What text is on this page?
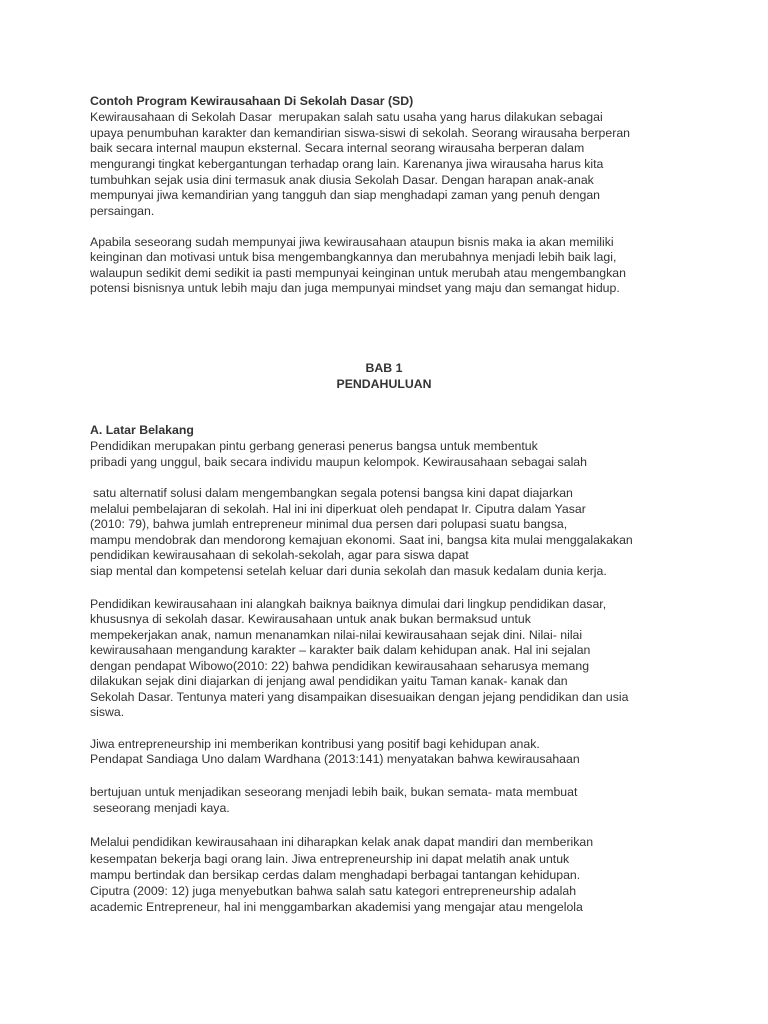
Contoh Program Kewirausahaan Di Sekolah Dasar (SD)
Kewirausahaan di Sekolah Dasar  merupakan salah satu usaha yang harus dilakukan sebagai
upaya penumbuhan karakter dan kemandirian siswa-siswi di sekolah. Seorang wirausaha berperan
baik secara internal maupun eksternal. Secara internal seorang wirausaha berperan dalam
mengurangi tingkat kebergantungan terhadap orang lain. Karenanya jiwa wirausaha harus kita
tumbuhkan sejak usia dini termasuk anak diusia Sekolah Dasar. Dengan harapan anak-anak
mempunyai jiwa kemandirian yang tangguh dan siap menghadapi zaman yang penuh dengan
persaingan.
Apabila seseorang sudah mempunyai jiwa kewirausahaan ataupun bisnis maka ia akan memiliki
keinginan dan motivasi untuk bisa mengembangkannya dan merubahnya menjadi lebih baik lagi,
walaupun sedikit demi sedikit ia pasti mempunyai keinginan untuk merubah atau mengembangkan
potensi bisnisnya untuk lebih maju dan juga mempunyai mindset yang maju dan semangat hidup.
BAB 1
PENDAHULUAN
A. Latar Belakang
Pendidikan merupakan pintu gerbang generasi penerus bangsa untuk membentuk
pribadi yang unggul, baik secara individu maupun kelompok. Kewirausahaan sebagai salah
satu alternatif solusi dalam mengembangkan segala potensi bangsa kini dapat diajarkan
melalui pembelajaran di sekolah. Hal ini ini diperkuat oleh pendapat Ir. Ciputra dalam Yasar
(2010: 79), bahwa jumlah entrepreneur minimal dua persen dari polupasi suatu bangsa,
mampu mendobrak dan mendorong kemajuan ekonomi. Saat ini, bangsa kita mulai menggalakakan
pendidikan kewirausahaan di sekolah-sekolah, agar para siswa dapat
siap mental dan kompetensi setelah keluar dari dunia sekolah dan masuk kedalam dunia kerja.
Pendidikan kewirausahaan ini alangkah baiknya baiknya dimulai dari lingkup pendidikan dasar,
khususnya di sekolah dasar. Kewirausahaan untuk anak bukan bermaksud untuk
mempekerjakan anak, namun menanamkan nilai-nilai kewirausahaan sejak dini. Nilai- nilai
kewirausahaan mengandung karakter – karakter baik dalam kehidupan anak. Hal ini sejalan
dengan pendapat Wibowo(2010: 22) bahwa pendidikan kewirausahaan seharusya memang
dilakukan sejak dini diajarkan di jenjang awal pendidikan yaitu Taman kanak- kanak dan
Sekolah Dasar. Tentunya materi yang disampaikan disesuaikan dengan jejang pendidikan dan usia
siswa.
Jiwa entrepreneurship ini memberikan kontribusi yang positif bagi kehidupan anak.
Pendapat Sandiaga Uno dalam Wardhana (2013:141) menyatakan bahwa kewirausahaan
bertujuan untuk menjadikan seseorang menjadi lebih baik, bukan semata- mata membuat
seseorang menjadi kaya.
Melalui pendidikan kewirausahaan ini diharapkan kelak anak dapat mandiri dan memberikan
kesempatan bekerja bagi orang lain. Jiwa entrepreneurship ini dapat melatih anak untuk
mampu bertindak dan bersikap cerdas dalam menghadapi berbagai tantangan kehidupan.
Ciputra (2009: 12) juga menyebutkan bahwa salah satu kategori entrepreneurship adalah
academic Entrepreneur, hal ini menggambarkan akademisi yang mengajar atau mengelola
